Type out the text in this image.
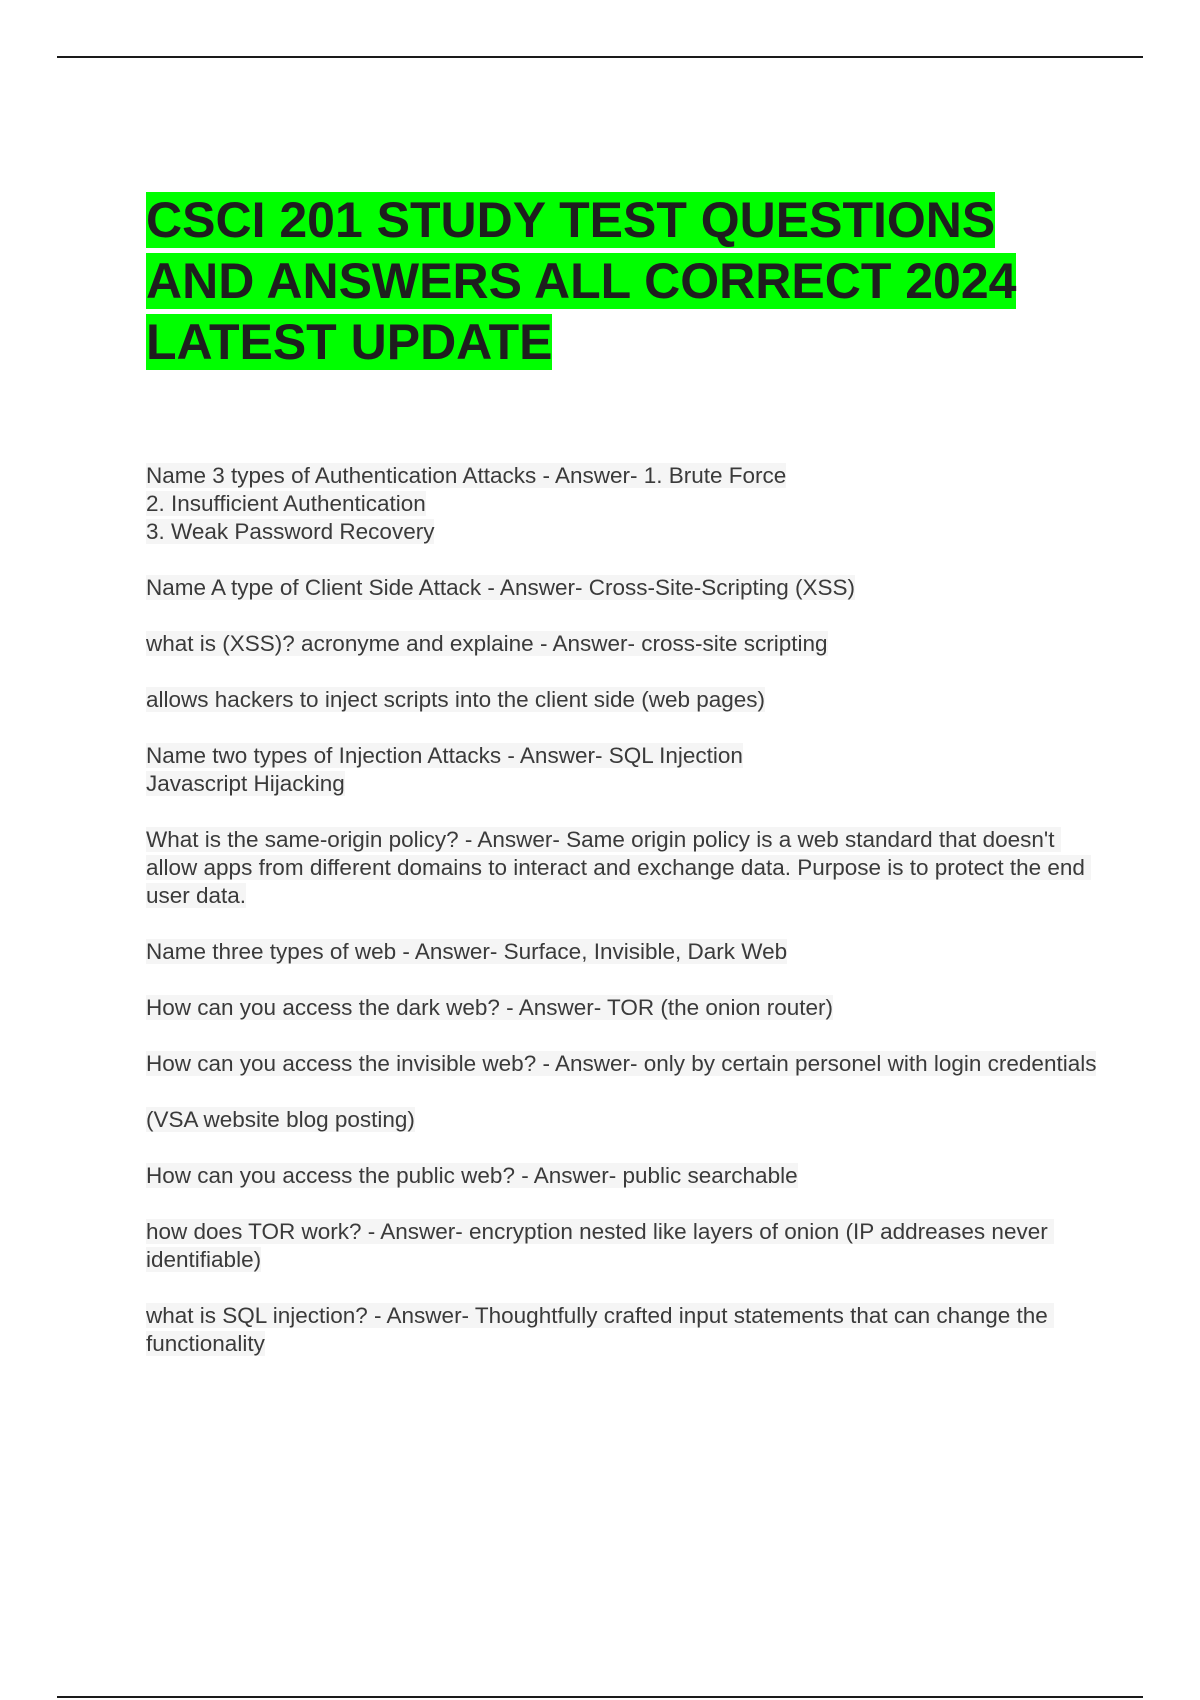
CSCI 201 STUDY TEST QUESTIONS AND ANSWERS ALL CORRECT 2024 LATEST UPDATE

Name 3 types of Authentication Attacks - Answer- 1. Brute Force
2. Insufficient Authentication
3. Weak Password Recovery

Name A type of Client Side Attack - Answer- Cross-Site-Scripting (XSS)

what is (XSS)? acronyme and explaine - Answer- cross-site scripting

allows hackers to inject scripts into the client side (web pages)

Name two types of Injection Attacks - Answer- SQL Injection
Javascript Hijacking

What is the same-origin policy? - Answer- Same origin policy is a web standard that doesn't allow apps from different domains to interact and exchange data. Purpose is to protect the end user data.

Name three types of web - Answer- Surface, Invisible, Dark Web

How can you access the dark web? - Answer- TOR (the onion router)

How can you access the invisible web? - Answer- only by certain personel with login credentials

(VSA website blog posting)

How can you access the public web? - Answer- public searchable

how does TOR work? - Answer- encryption nested like layers of onion (IP addreases never identifiable)

what is SQL injection? - Answer- Thoughtfully crafted input statements that can change the functionality
